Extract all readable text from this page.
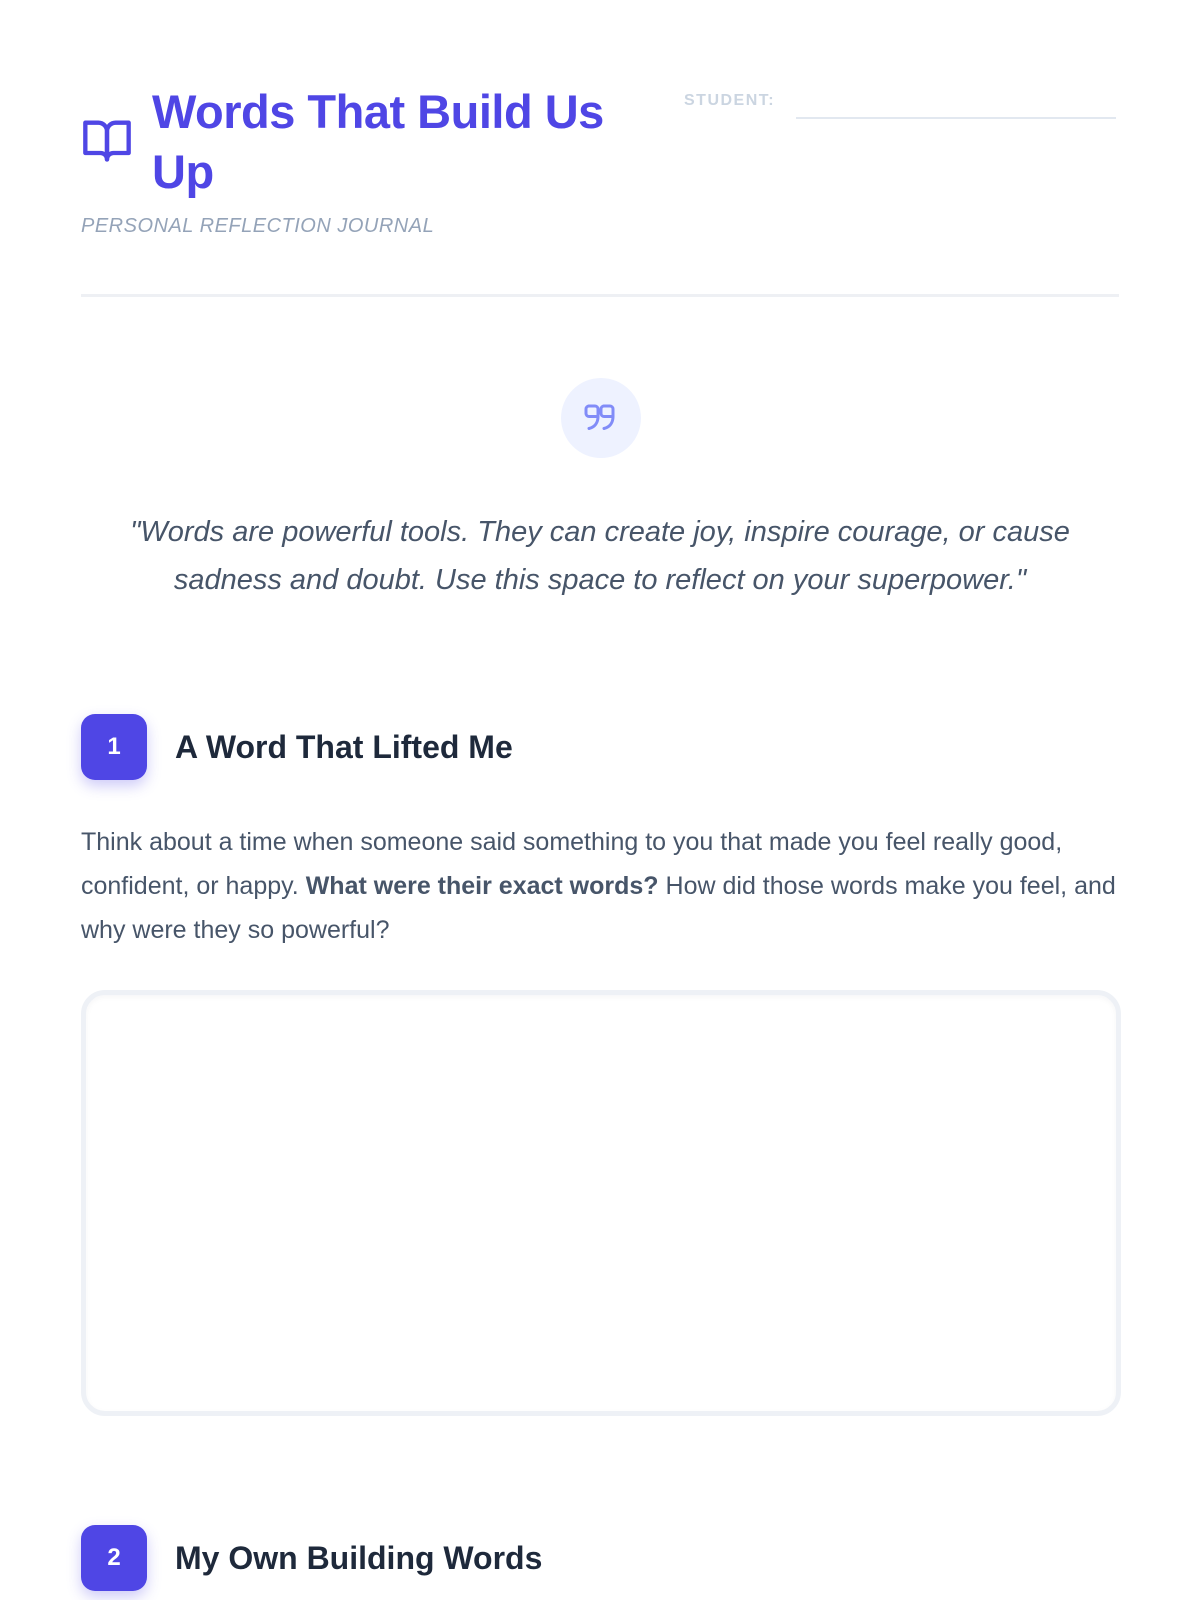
Words That Build Us Up
PERSONAL REFLECTION JOURNAL
STUDENT:

"Words are powerful tools. They can create joy, inspire courage, or cause sadness and doubt. Use this space to reflect on your superpower."

1	A Word That Lifted Me

Think about a time when someone said something to you that made you feel really good, confident, or happy. What were their exact words? How did those words make you feel, and why were they so powerful?

2	My Own Building Words
